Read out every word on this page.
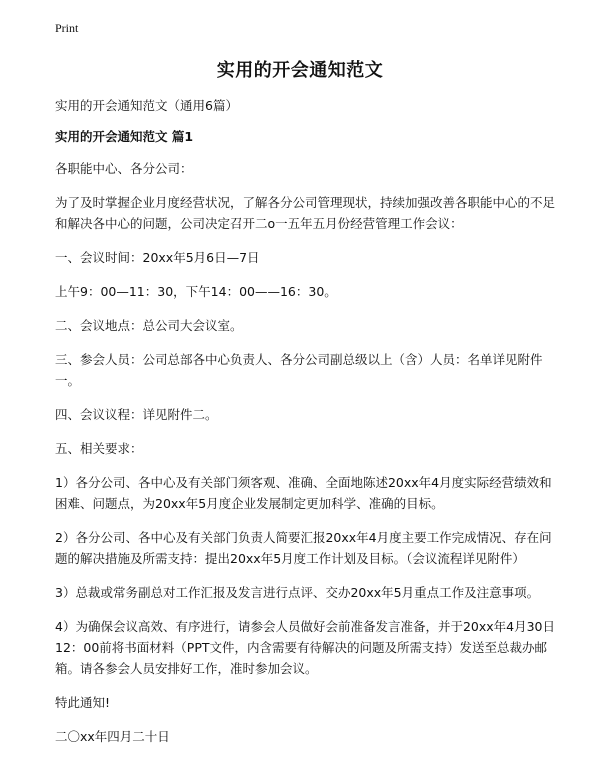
Print
实用的开会通知范文

实用的开会通知范文（通用6篇）

实用的开会通知范文 篇1

各职能中心、各分公司：

为了及时掌握企业月度经营状况，了解各分公司管理现状，持续加强改善各职能中心的不足和解决各中心的问题，公司决定召开二o一五年五月份经营管理工作会议：

一、会议时间：20xx年5月6日—7日

上午9：00—11：30，下午14：00——16：30。

二、会议地点：总公司大会议室。

三、参会人员：公司总部各中心负责人、各分公司副总级以上（含）人员：名单详见附件一。

四、会议议程：详见附件二。

五、相关要求：

1）各分公司、各中心及有关部门须客观、准确、全面地陈述20xx年4月度实际经营绩效和困难、问题点，为20xx年5月度企业发展制定更加科学、准确的目标。

2）各分公司、各中心及有关部门负责人简要汇报20xx年4月度主要工作完成情况、存在问题的解决措施及所需支持：提出20xx年5月度工作计划及目标。（会议流程详见附件）

3）总裁或常务副总对工作汇报及发言进行点评、交办20xx年5月重点工作及注意事项。

4）为确保会议高效、有序进行，请参会人员做好会前准备发言准备，并于20xx年4月30日12：00前将书面材料（PPT文件，内含需要有待解决的问题及所需支持）发送至总裁办邮箱。请各参会人员安排好工作，准时参加会议。

特此通知!

二〇xx年四月二十日
